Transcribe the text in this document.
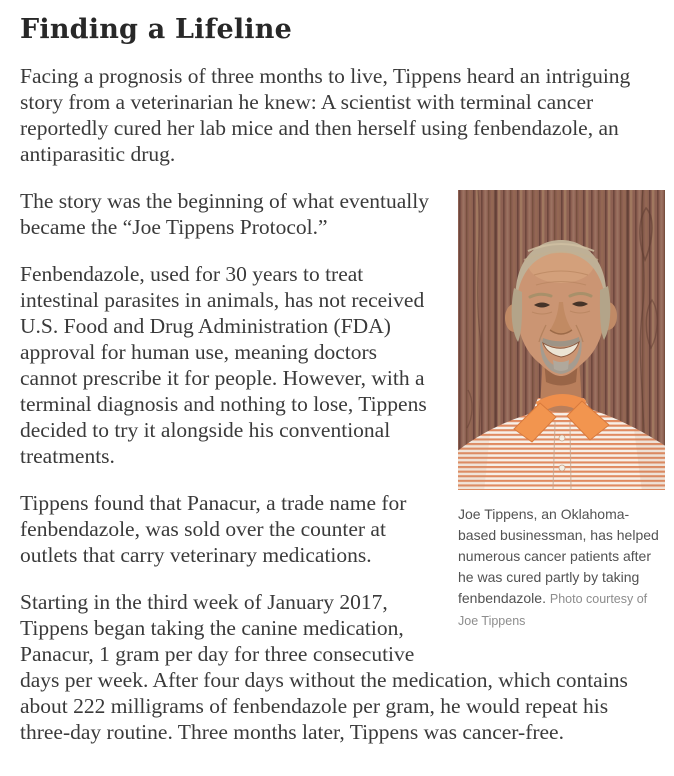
Finding a Lifeline

Facing a prognosis of three months to live, Tippens heard an intriguing story from a veterinarian he knew: A scientist with terminal cancer reportedly cured her lab mice and then herself using fenbendazole, an antiparasitic drug.

Joe Tippens, an Oklahoma-based businessman, has helped numerous cancer patients after he was cured partly by taking fenbendazole. Photo courtesy of Joe Tippens

The story was the beginning of what eventually became the “Joe Tippens Protocol.”

Fenbendazole, used for 30 years to treat intestinal parasites in animals, has not received U.S. Food and Drug Administration (FDA) approval for human use, meaning doctors cannot prescribe it for people. However, with a terminal diagnosis and nothing to lose, Tippens decided to try it alongside his conventional treatments.

Tippens found that Panacur, a trade name for fenbendazole, was sold over the counter at outlets that carry veterinary medications.

Starting in the third week of January 2017, Tippens began taking the canine medication, Panacur, 1 gram per day for three consecutive days per week. After four days without the medication, which contains about 222 milligrams of fenbendazole per gram, he would repeat his three-day routine. Three months later, Tippens was cancer-free.
